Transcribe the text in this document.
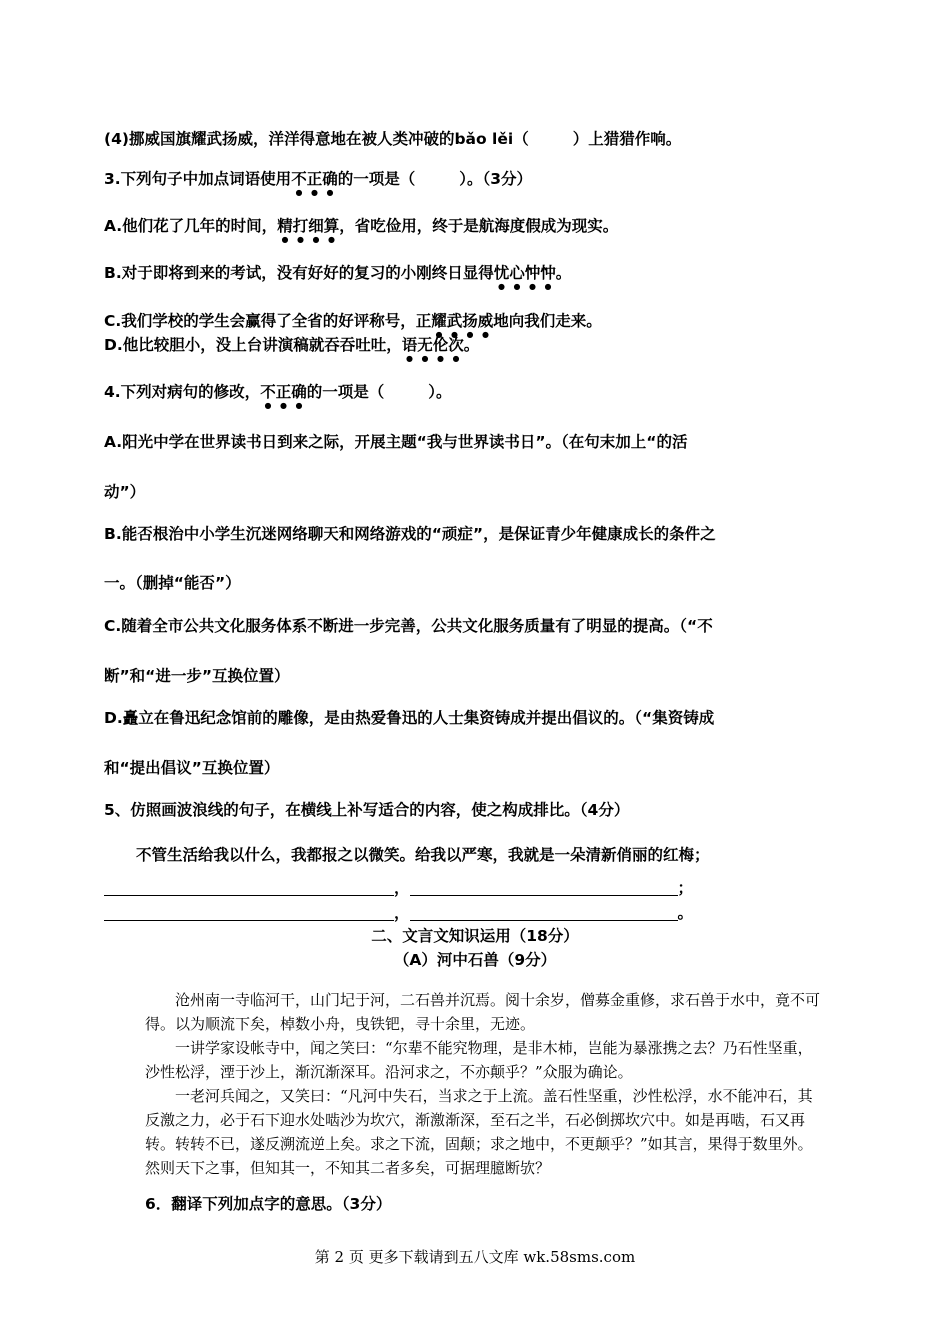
(4)挪威国旗耀武扬威，洋洋得意地在被人类冲破的bǎo lěi（	）上猎猎作响。
3.下列句子中加点词语使用不正确的一项是（	）。（3分）
A.他们花了几年的时间，精打细算，省吃俭用，终于是航海度假成为现实。
B.对于即将到来的考试，没有好好的复习的小刚终日显得忧心忡忡。
C.我们学校的学生会赢得了全省的好评称号，正耀武扬威地向我们走来。
D.他比较胆小，没上台讲演稿就吞吞吐吐，语无伦次。
4.下列对病句的修改，不正确的一项是（	）。
A.阳光中学在世界读书日到来之际，开展主题“我与世界读书日”。（在句末加上“的活
动”）
B.能否根治中小学生沉迷网络聊天和网络游戏的“顽症”，是保证青少年健康成长的条件之
一。（删掉“能否”）
C.随着全市公共文化服务体系不断进一步完善，公共文化服务质量有了明显的提高。（“不
断”和“进一步”互换位置）
D.矗立在鲁迅纪念馆前的雕像，是由热爱鲁迅的人士集资铸成并提出倡议的。（“集资铸成
和“提出倡议”互换位置）
5、仿照画波浪线的句子，在横线上补写适合的内容，使之构成排比。（4分）
不管生活给我以什么，我都报之以微笑。给我以严寒，我就是一朵清新俏丽的红梅；
，	；
，	。
二、文言文知识运用（18分）
（A）河中石兽（9分）

沧州南一寺临河干，山门圮于河，二石兽并沉焉。阅十余岁，僧募金重修，求石兽于水中，竟不可得。以为顺流下矣，棹数小舟，曳铁钯，寻十余里，无迹。

一讲学家设帐寺中，闻之笑曰：“尔辈不能究物理，是非木杮，岂能为暴涨携之去？乃石性坚重，沙性松浮，湮于沙上，渐沉渐深耳。沿河求之，不亦颠乎？”众服为确论。

一老河兵闻之，又笑曰：“凡河中失石，当求之于上流。盖石性坚重，沙性松浮，水不能冲石，其反激之力，必于石下迎水处啮沙为坎穴，渐激渐深，至石之半，石必倒掷坎穴中。如是再啮，石又再转。转转不已，遂反溯流逆上矣。求之下流，固颠；求之地中，不更颠乎？”如其言，果得于数里外。然则天下之事，但知其一，不知其二者多矣，可据理臆断欤？

6．翻译下列加点字的意思。（3分）
第 2 页 更多下载请到五八文库 wk.58sms.com
